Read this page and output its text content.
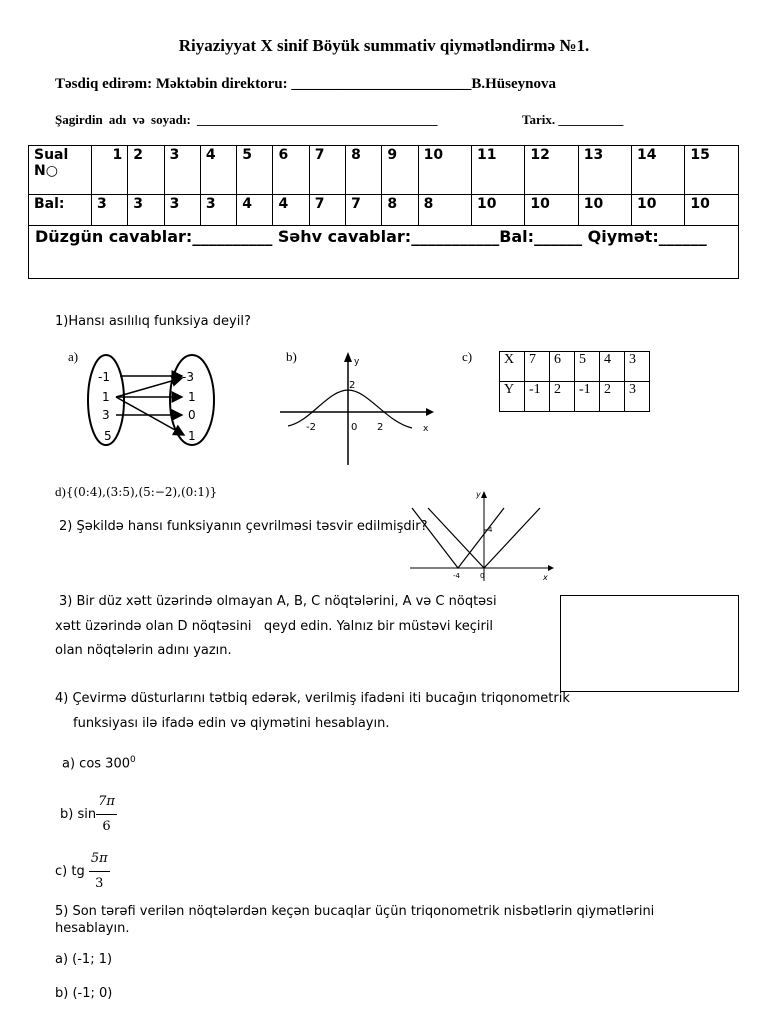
Riyaziyyat X sinif Böyük summativ qiymətləndirmə №1.
Təsdiq edirəm: Məktəbin direktoru: ________________________B.Hüseynova
Şagirdin adı və soyadı: _____________________________________	Tarix. __________
Sual N○	1	2	3	4	5	6	7	8	9	10	11	12	13	14	15
Bal:	3	3	3	3	4	4	7	7	8	8	10	10	10	10	10
Düzgün cavablar:__________ Səhv cavablar:___________Bal:______ Qiymət:______															
1)Hansı asılılıq funksiya deyil?
a)
-1
1
3
5
-3
1
0
1
b)	y
x
2
-2	0 2
c) X	7	6	5	4	3
Y	-1	2	-1	2	3
d){(0:4),(3:5),(5:−2),(0:1)}	y
x
4
-4	0
2) Şəkildə hansı funksiyanın çevrilməsi təsvir edilmişdir?
3) Bir düz xətt üzərində olmayan A, B, C nöqtələrini, A və C nöqtəsi
xətt üzərində olan D nöqtəsini   qeyd edin. Yalnız bir müstəvi keçiril
olan nöqtələrin adını yazın.
4) Çevirmə düsturlarını tətbiq edərək, verilmiş ifadəni iti bucağın triqonometrik
funksiyası ilə ifadə edin və qiymətini hesablayın.
a) $\cos 300^0$
b) $\sin \frac{7\pi}{6}$
c) tg $\frac{5\pi}{3}$
5) Son tərəfi verilən nöqtələrdən keçən bucaqlar üçün triqonometrik nisbətlərin qiymətlərini hesablayın.
a) (-1; 1)
b) (-1; 0)
